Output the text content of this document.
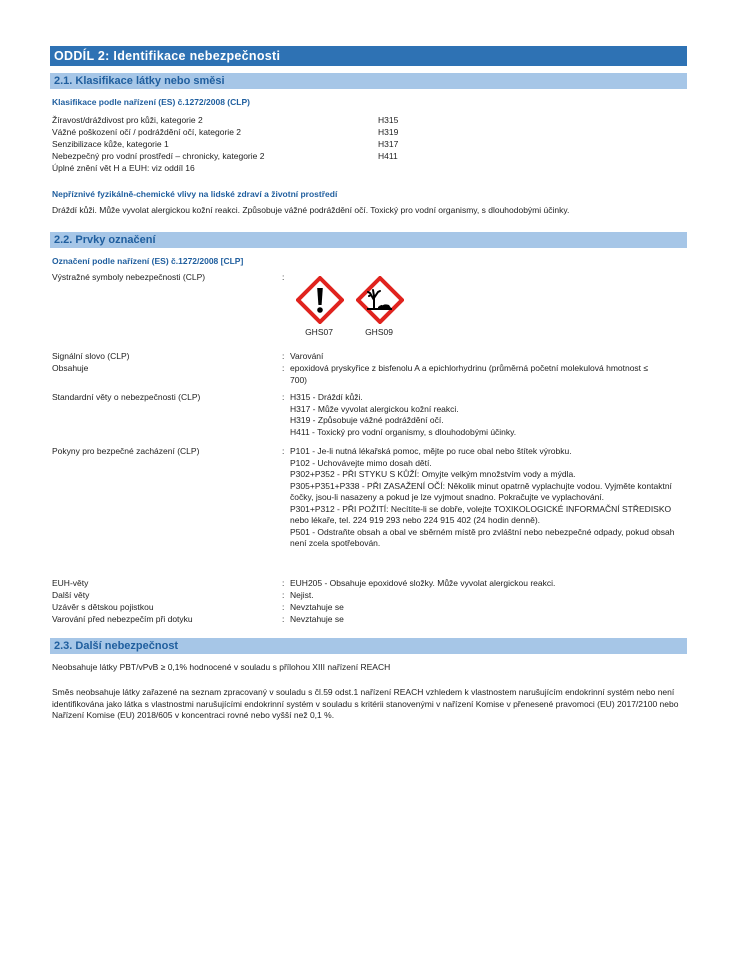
ODDÍL 2: Identifikace nebezpečnosti
2.1. Klasifikace látky nebo směsi
Klasifikace podle nařízení (ES) č.1272/2008 (CLP)
Žíravost/dráždivost pro kůži, kategorie 2	H315
Vážné poškození očí / podráždění očí, kategorie 2	H319
Senzibilizace kůže, kategorie 1	H317
Nebezpečný pro vodní prostředí – chronicky, kategorie 2	H411
Úplné znění vět H a EUH: viz oddíl 16
Nepříznivé fyzikálně-chemické vlivy na lidské zdraví a životní prostředí
Dráždí kůži. Může vyvolat alergickou kožní reakci. Způsobuje vážné podráždění očí. Toxický pro vodní organismy, s dlouhodobými účinky.
2.2. Prvky označení
Označení podle nařízení (ES) č.1272/2008 [CLP]
Výstražné symboly nebezpečnosti (CLP)	:
GHS07	GHS09
Signální slovo (CLP)	: Varování
Obsahuje	: epoxidová pryskyřice z bisfenolu A a epichlorhydrinu (průměrná početní molekulová hmotnost ≤ 700)
Standardní věty o nebezpečnosti (CLP)	: H315 - Dráždí kůži.
H317 - Může vyvolat alergickou kožní reakci.
H319 - Způsobuje vážné podráždění očí.
H411 - Toxický pro vodní organismy, s dlouhodobými účinky.
Pokyny pro bezpečné zacházení (CLP)	: P101 - Je-li nutná lékařská pomoc, mějte po ruce obal nebo štítek výrobku.
P102 - Uchovávejte mimo dosah dětí.
P302+P352 - PŘI STYKU S KŮŽÍ: Omyjte velkým množstvím vody a mýdla.
P305+P351+P338 - PŘI ZASAŽENÍ OČÍ: Několik minut opatrně vyplachujte vodou. Vyjměte kontaktní čočky, jsou-li nasazeny a pokud je lze vyjmout snadno. Pokračujte ve vyplachování.
P301+P312 - PŘI POŽITÍ: Necítíte-li se dobře, volejte TOXIKOLOGICKÉ INFORMAČNÍ STŘEDISKO nebo lékaře, tel. 224 919 293 nebo 224 915 402 (24 hodin denně).
P501 - Odstraňte obsah a obal ve sběrném místě pro zvláštní nebo nebezpečné odpady, pokud obsah není zcela spotřebován.
EUH-věty	: EUH205 - Obsahuje epoxidové složky. Může vyvolat alergickou reakci.
Další věty	: Nejist.
Uzávěr s dětskou pojistkou	: Nevztahuje se
Varování před nebezpečím při dotyku	: Nevztahuje se
2.3. Další nebezpečnost
Neobsahuje látky PBT/vPvB ≥ 0,1% hodnocené v souladu s přílohou XIII nařízení REACH
Směs neobsahuje látky zařazené na seznam zpracovaný v souladu s čl.59 odst.1 nařízení REACH vzhledem k vlastnostem narušujícím endokrinní systém nebo není identifikována jako látka s vlastnostmi narušujícími endokrinní systém v souladu s kritérii stanovenými v nařízení Komise v přenesené pravomoci (EU) 2017/2100 nebo Nařízení Komise (EU) 2018/605 v koncentraci rovné nebo vyšší než 0,1 %.
